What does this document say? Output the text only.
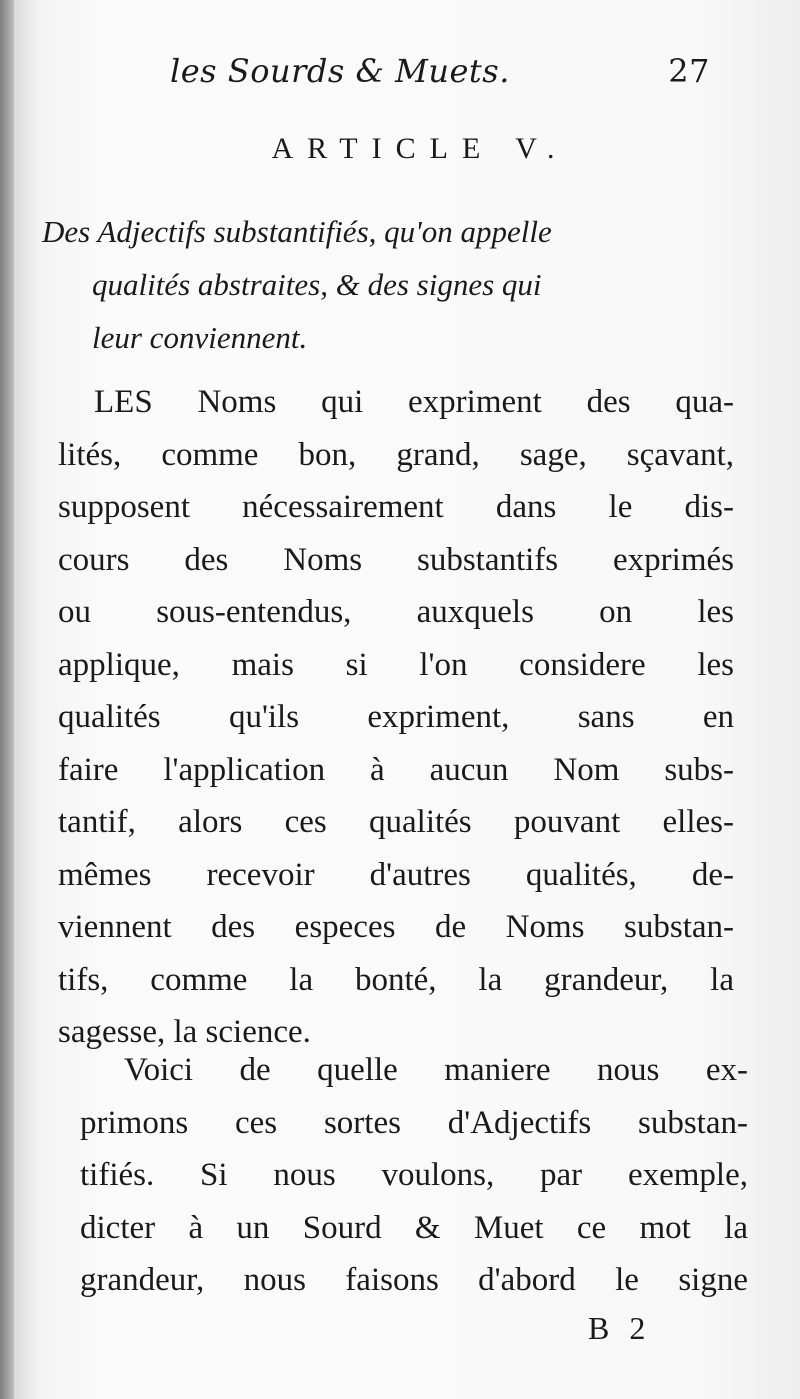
les Sourds & Muets.	27
ARTICLE V.
Des Adjectifs substantifiés, qu'on appelle
qualités abstraites, & des signes qui
leur conviennent.
LES Noms qui expriment des qua-
lités, comme bon, grand, sage, sçavant,
supposent nécessairement dans le dis-
cours des Noms substantifs exprimés
ou sous-entendus, auxquels on les
applique, mais si l'on considere les
qualités qu'ils expriment, sans en
faire l'application à aucun Nom subs-
tantif, alors ces qualités pouvant elles-
mêmes recevoir d'autres qualités, de-
viennent des especes de Noms substan-
tifs, comme la bonté, la grandeur, la
sagesse, la science.
Voici de quelle maniere nous ex-
primons ces sortes d'Adjectifs substan-
tifiés. Si nous voulons, par exemple,
dicter à un Sourd & Muet ce mot la
grandeur, nous faisons d'abord le signe
B 2
